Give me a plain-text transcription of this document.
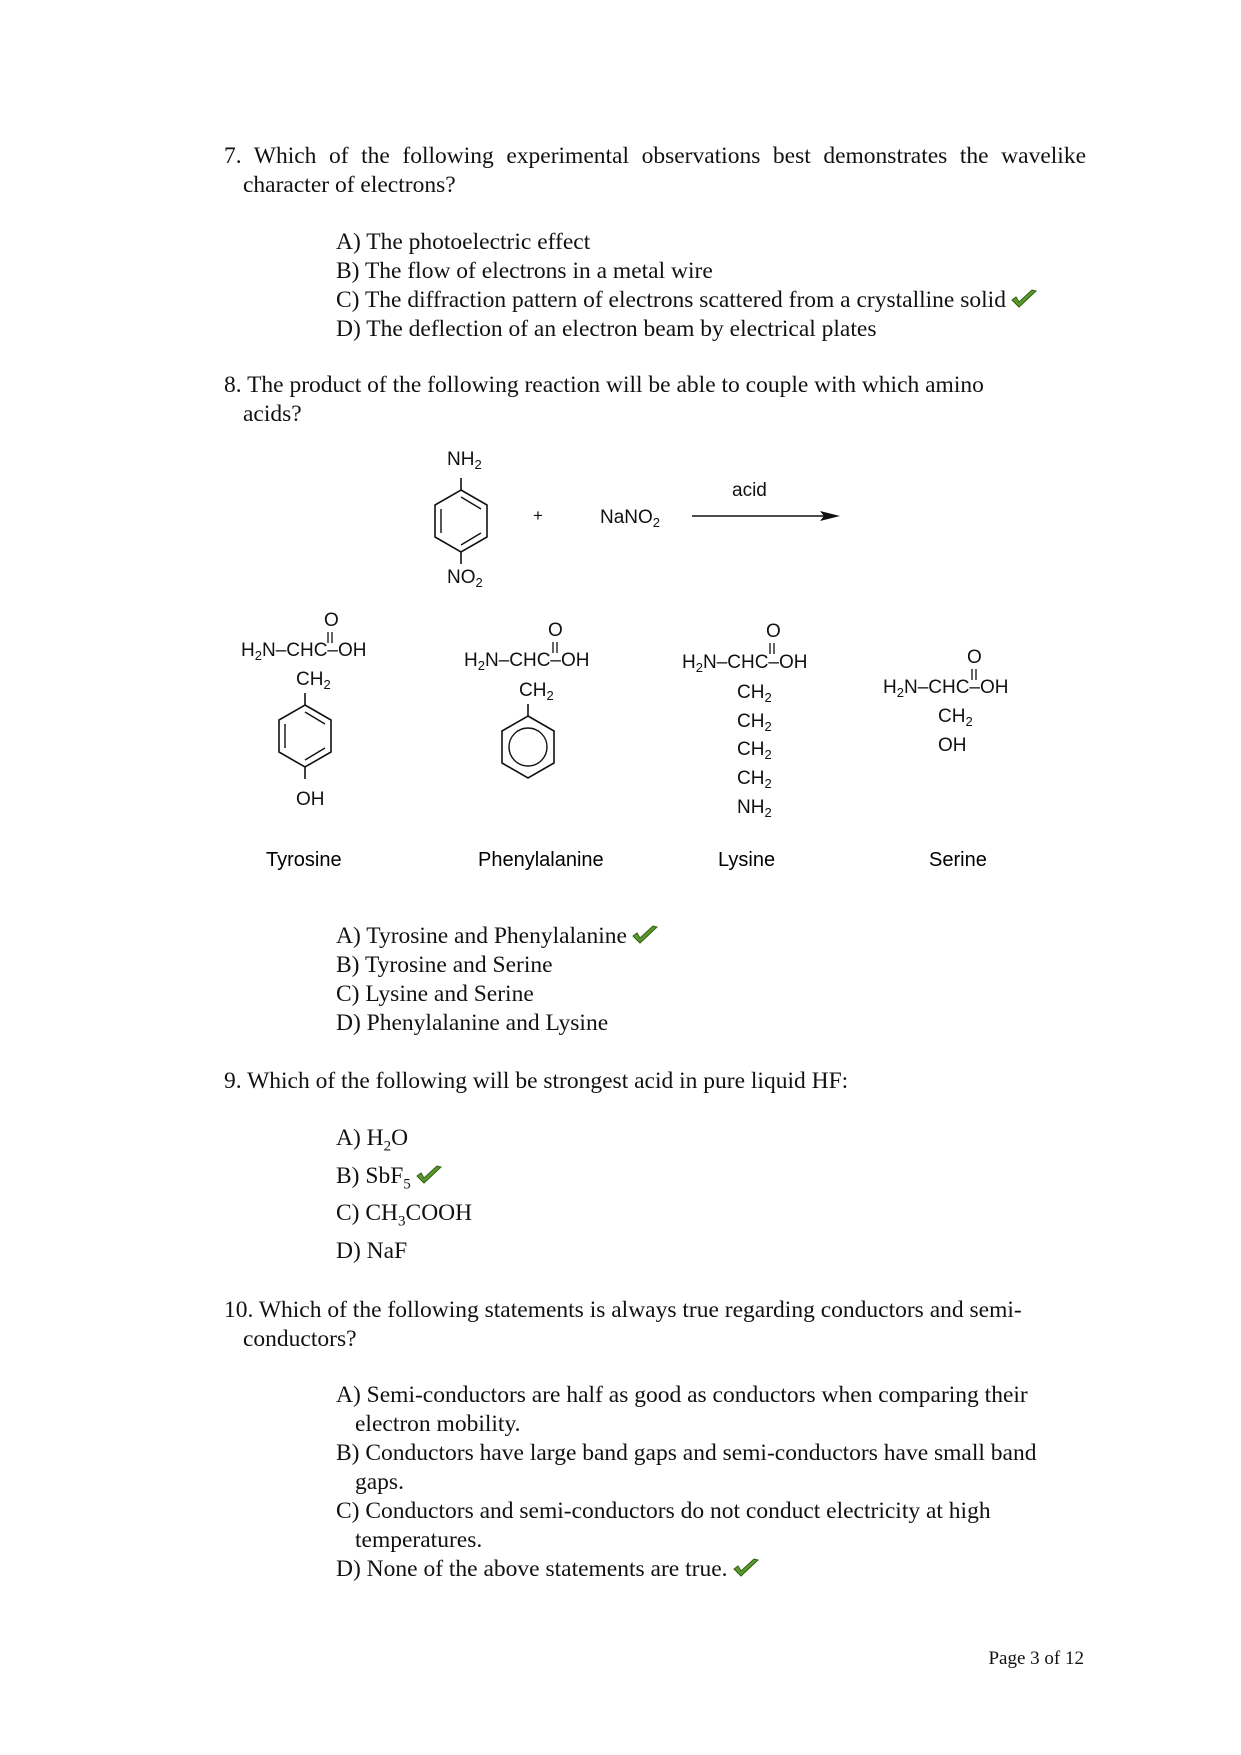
7. Which of the following experimental observations best demonstrates the wavelike
character of electrons?
A) The photoelectric effect
B) The flow of electrons in a metal wire
C) The diffraction pattern of electrons scattered from a crystalline solid
D) The deflection of an electron beam by electrical plates
8. The product of the following reaction will be able to couple with which amino
acids?
$NH_2$
$NO_2$
+	NaNO$_2$
acid
O
$H_2N-CHC-OH$
$CH_2$
OH
Tyrosine
O
$H_2N-CHC-OH$
$CH_2$
Phenylalanine
O
$H_2N-CHC-OH$
$CH_2$
$CH_2$
$CH_2$
$CH_2$
$NH_2$
Lysine
O
$H_2N-CHC-OH$
$CH_2$
OH
Serine
A) Tyrosine and Phenylalanine
B) Tyrosine and Serine
C) Lysine and Serine
D) Phenylalanine and Lysine
9. Which of the following will be strongest acid in pure liquid HF:
A) $H_2O$
B) SbF$_5$
C) $CH_3COOH$
D) NaF
10. Which of the following statements is always true regarding conductors and semi-
conductors?
A) Semi-conductors are half as good as conductors when comparing their electron mobility.
B) Conductors have large band gaps and semi-conductors have small band gaps.
C) Conductors and semi-conductors do not conduct electricity at high temperatures.
D) None of the above statements are true.
Page 3 of 12
